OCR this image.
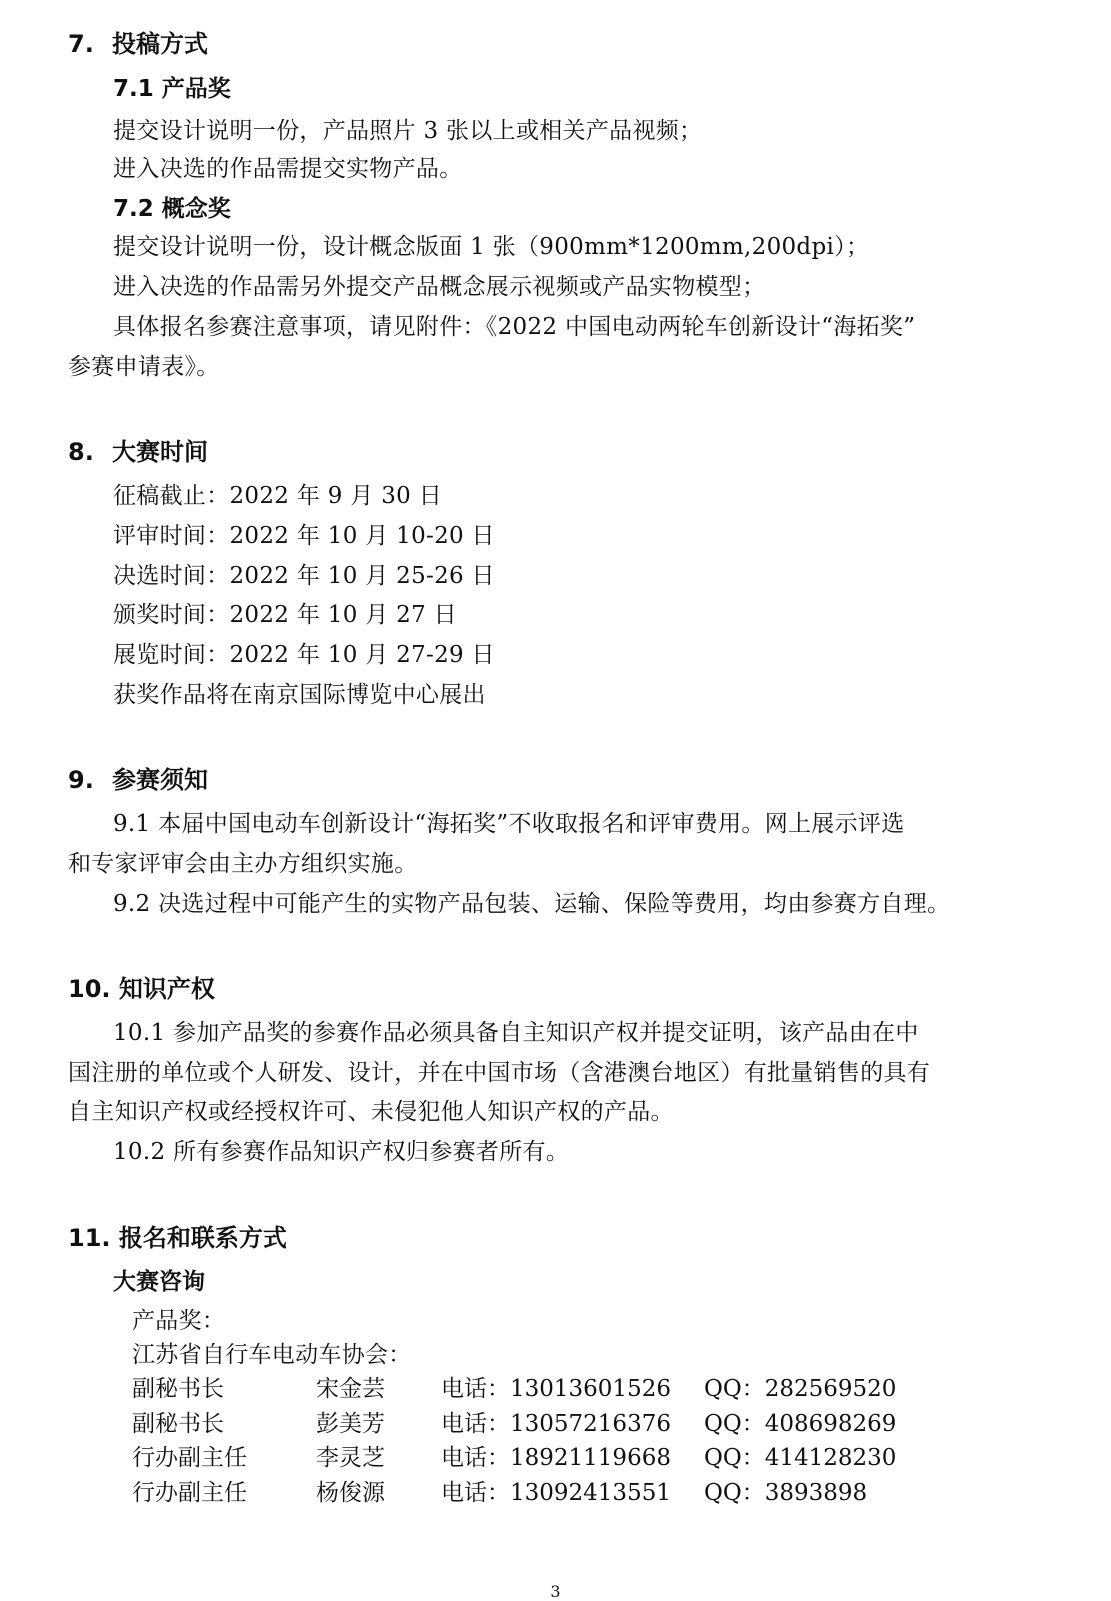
7. 投稿方式
7.1 产品奖
提交设计说明一份，产品照片 3 张以上或相关产品视频；
进入决选的作品需提交实物产品。
7.2 概念奖
提交设计说明一份，设计概念版面 1 张（900mm*1200mm,200dpi）；
进入决选的作品需另外提交产品概念展示视频或产品实物模型；
具体报名参赛注意事项，请见附件：《2022 中国电动两轮车创新设计“海拓奖”
参赛申请表》。
8. 大赛时间
征稿截止：2022 年 9 月 30 日
评审时间：2022 年 10 月 10-20 日
决选时间：2022 年 10 月 25-26 日
颁奖时间：2022 年 10 月 27 日
展览时间：2022 年 10 月 27-29 日
获奖作品将在南京国际博览中心展出
9. 参赛须知
9.1 本届中国电动车创新设计“海拓奖”不收取报名和评审费用。网上展示评选
和专家评审会由主办方组织实施。
9.2 决选过程中可能产生的实物产品包装、运输、保险等费用，均由参赛方自理。
10. 知识产权
10.1 参加产品奖的参赛作品必须具备自主知识产权并提交证明，该产品由在中
国注册的单位或个人研发、设计，并在中国市场（含港澳台地区）有批量销售的具有
自主知识产权或经授权许可、未侵犯他人知识产权的产品。
10.2 所有参赛作品知识产权归参赛者所有。
11. 报名和联系方式
大赛咨询
产品奖：
江苏省自行车电动车协会：
副秘书长	宋金芸 电话：13013601526 QQ：282569520
副秘书长	彭美芳 电话：13057216376 QQ：408698269
行办副主任	李灵芝 电话：18921119668 QQ：414128230
行办副主任	杨俊源 电话：13092413551 QQ：3893898
3
